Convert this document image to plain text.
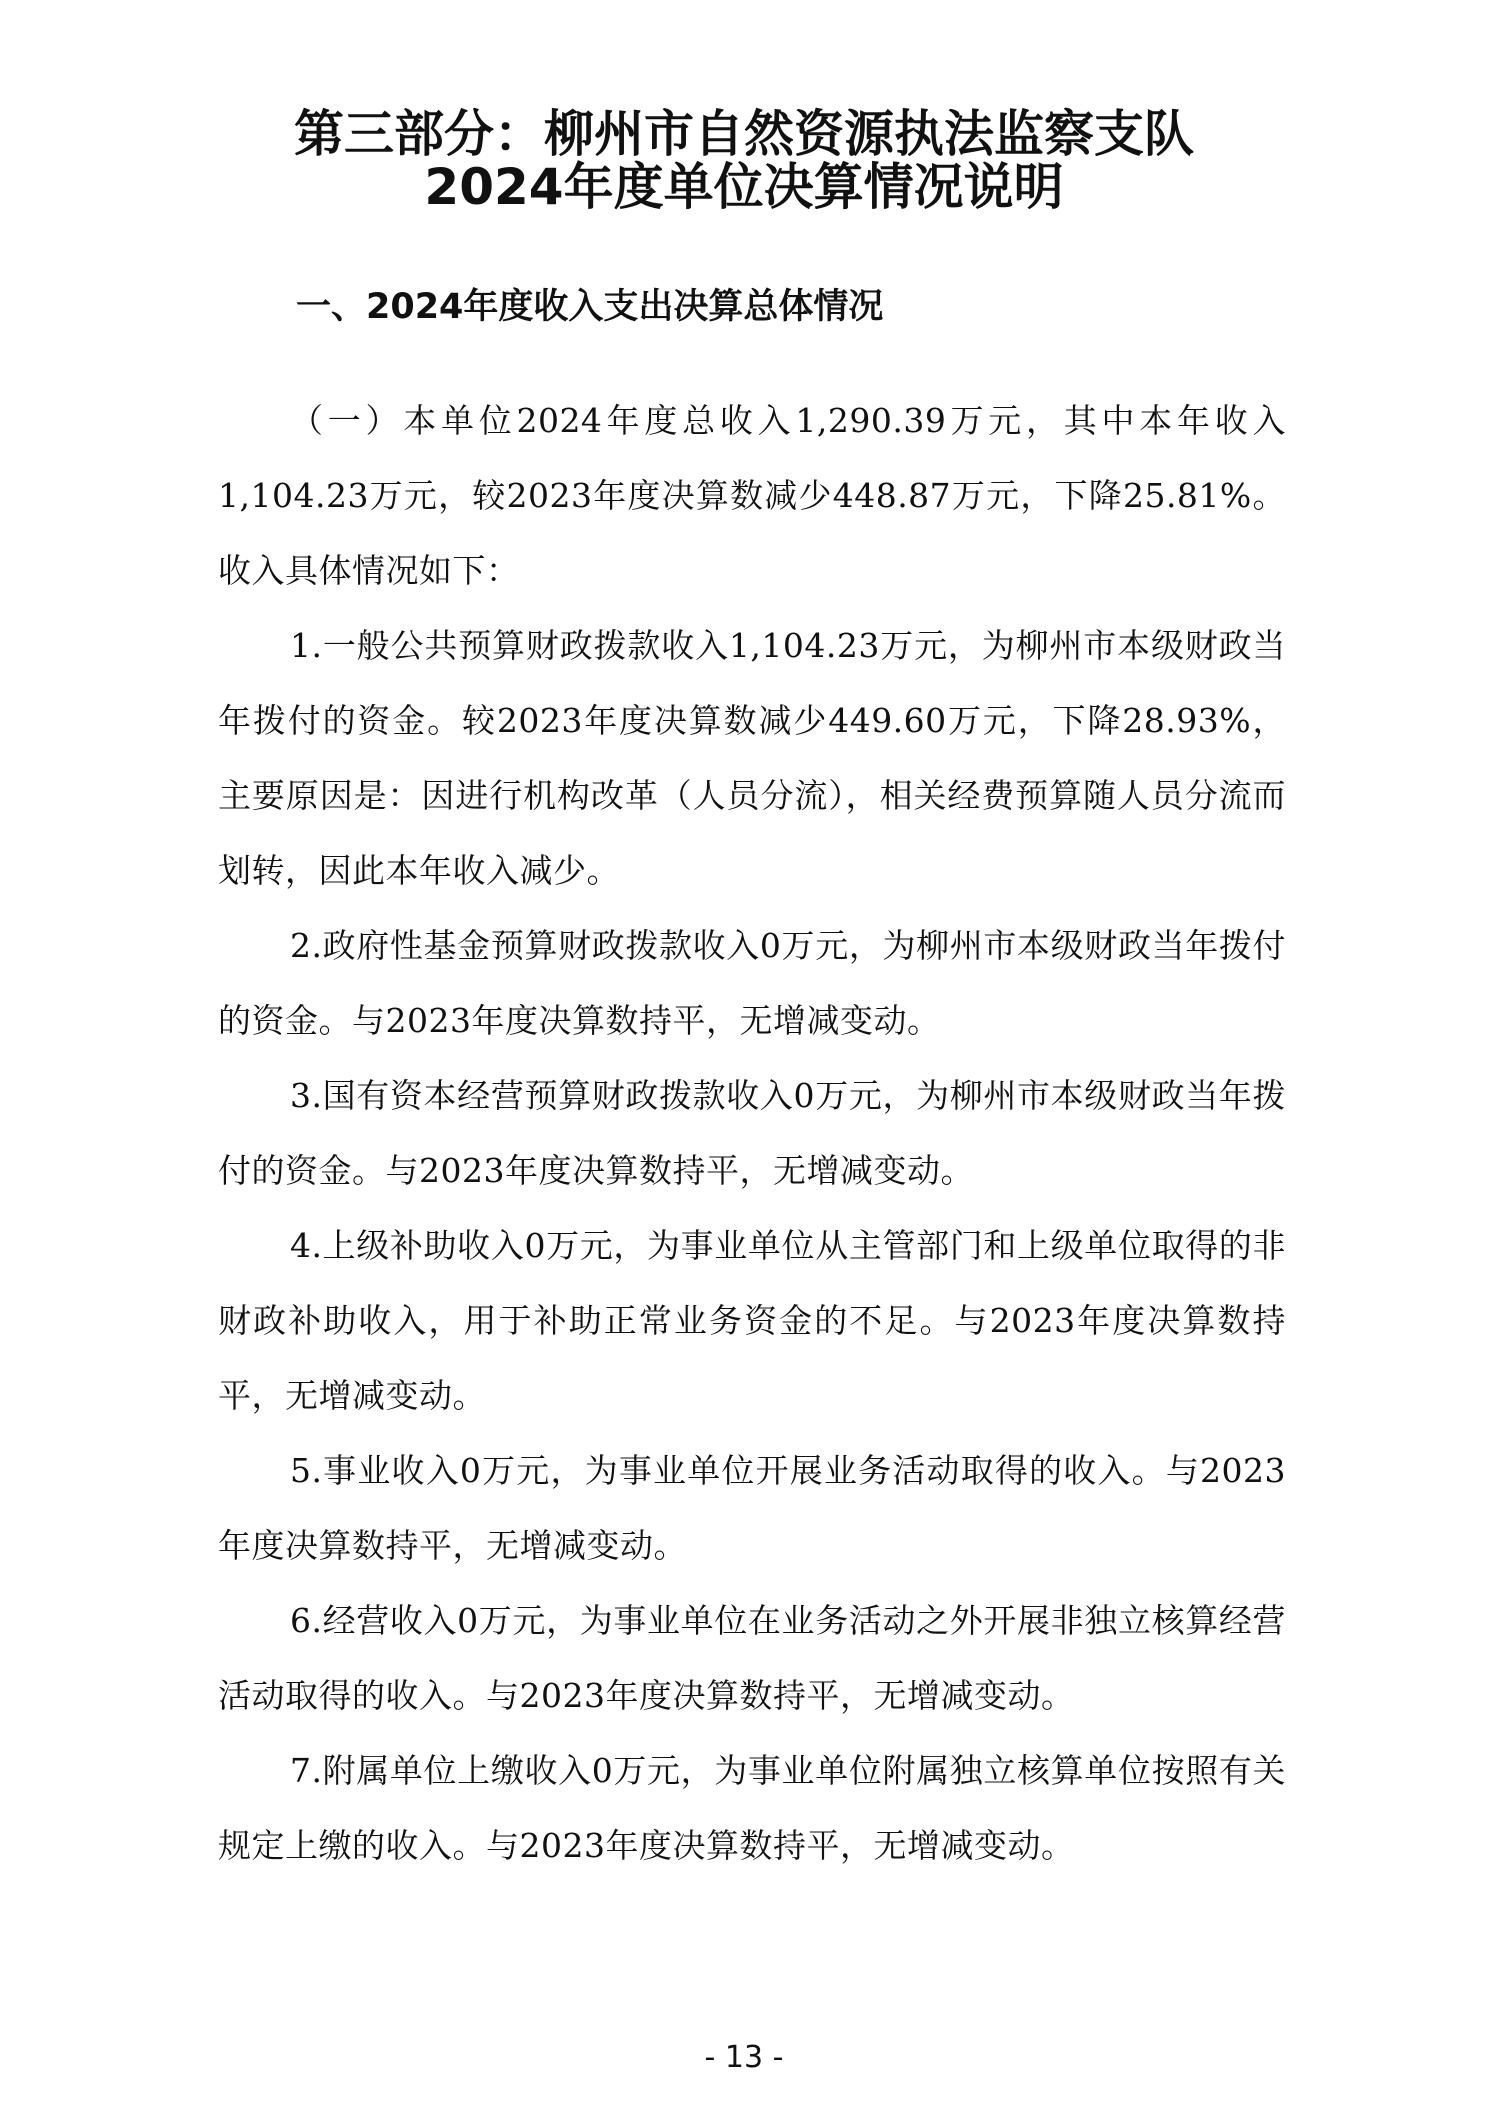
第三部分：柳州市自然资源执法监察支队
2024年度单位决算情况说明
一、2024年度收入支出决算总体情况

（一）本单位2024年度总收入1,290.39万元，其中本年收入1,104.23万元，较2023年度决算数减少448.87万元，下降25.81%。收入具体情况如下：

1.一般公共预算财政拨款收入1,104.23万元，为柳州市本级财政当年拨付的资金。较2023年度决算数减少449.60万元，下降28.93%，主要原因是：因进行机构改革（人员分流），相关经费预算随人员分流而划转，因此本年收入减少。

2.政府性基金预算财政拨款收入0万元，为柳州市本级财政当年拨付的资金。与2023年度决算数持平，无增减变动。

3.国有资本经营预算财政拨款收入0万元，为柳州市本级财政当年拨付的资金。与2023年度决算数持平，无增减变动。

4.上级补助收入0万元，为事业单位从主管部门和上级单位取得的非财政补助收入，用于补助正常业务资金的不足。与2023年度决算数持平，无增减变动。

5.事业收入0万元，为事业单位开展业务活动取得的收入。与2023年度决算数持平，无增减变动。

6.经营收入0万元，为事业单位在业务活动之外开展非独立核算经营活动取得的收入。与2023年度决算数持平，无增减变动。

7.附属单位上缴收入0万元，为事业单位附属独立核算单位按照有关规定上缴的收入。与2023年度决算数持平，无增减变动。

- 13 -
